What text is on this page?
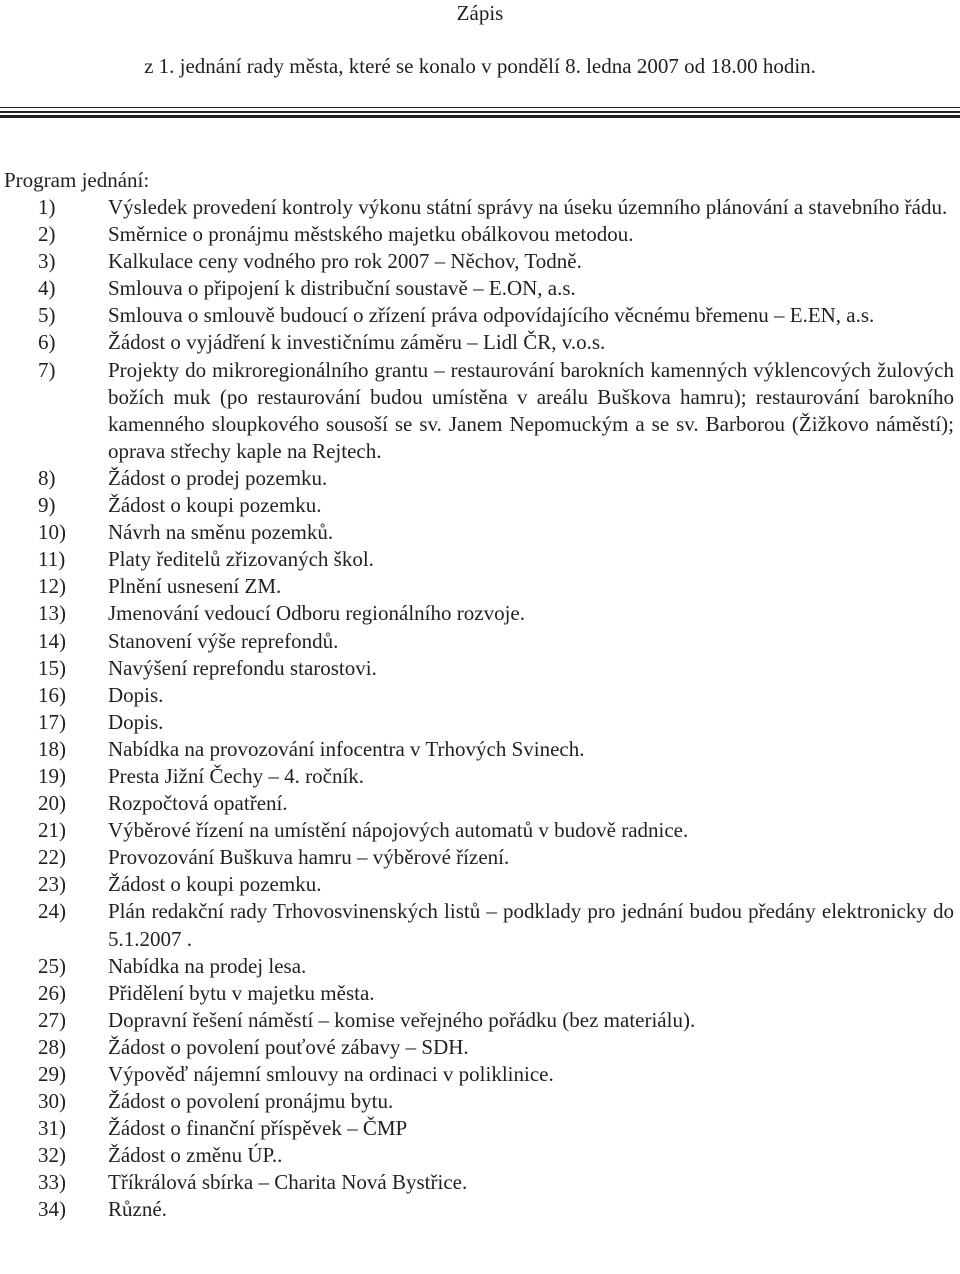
Zápis

z 1. jednání rady města, které se konalo v pondělí 8. ledna 2007 od 18.00 hodin.

Program jednání:

1)	Výsledek provedení kontroly výkonu státní správy na úseku územního plánování a stavebního řádu.
2)	Směrnice o pronájmu městského majetku obálkovou metodou.
3)	Kalkulace ceny vodného pro rok 2007 – Něchov, Todně.
4)	Smlouva o připojení k distribuční soustavě – E.ON, a.s.
5)	Smlouva o smlouvě budoucí o zřízení práva odpovídajícího věcnému břemenu – E.EN, a.s.
6)	Žádost o vyjádření k investičnímu záměru – Lidl ČR, v.o.s.
7)	Projekty do mikroregionálního grantu – restaurování barokních kamenných výklencových žulových božích muk (po restaurování budou umístěna v areálu Buškova hamru); restaurování barokního kamenného sloupkového sousoší se sv. Janem Nepomuckým a se sv. Barborou (Žižkovo náměstí); oprava střechy kaple na Rejtech.
8)	Žádost o prodej pozemku.
9)	Žádost o koupi pozemku.
10) Návrh na směnu pozemků.
11) Platy ředitelů zřizovaných škol.
12) Plnění usnesení ZM.
13) Jmenování vedoucí Odboru regionálního rozvoje.
14) Stanovení výše reprefondů.
15) Navýšení reprefondu starostovi.
16) Dopis.
17) Dopis.
18) Nabídka na provozování infocentra v Trhových Svinech.
19) Presta Jižní Čechy – 4. ročník.
20) Rozpočtová opatření.
21) Výběrové řízení na umístění nápojových automatů v budově radnice.
22) Provozování Buškuva hamru – výběrové řízení.
23) Žádost o koupi pozemku.
24) Plán redakční rady Trhovosvinenských listů – podklady pro jednání budou předány elektronicky do 5.1.2007 .
25) Nabídka na prodej lesa.
26) Přidělení bytu v majetku města.
27) Dopravní řešení náměstí – komise veřejného pořádku (bez materiálu).
28) Žádost o povolení pouťové zábavy – SDH.
29) Výpověď nájemní smlouvy na ordinaci v poliklinice.
30) Žádost o povolení pronájmu bytu.
31) Žádost o finanční příspěvek – ČMP
32) Žádost o změnu ÚP..
33) Tříkrálová sbírka – Charita Nová Bystřice.
34) Různé.
